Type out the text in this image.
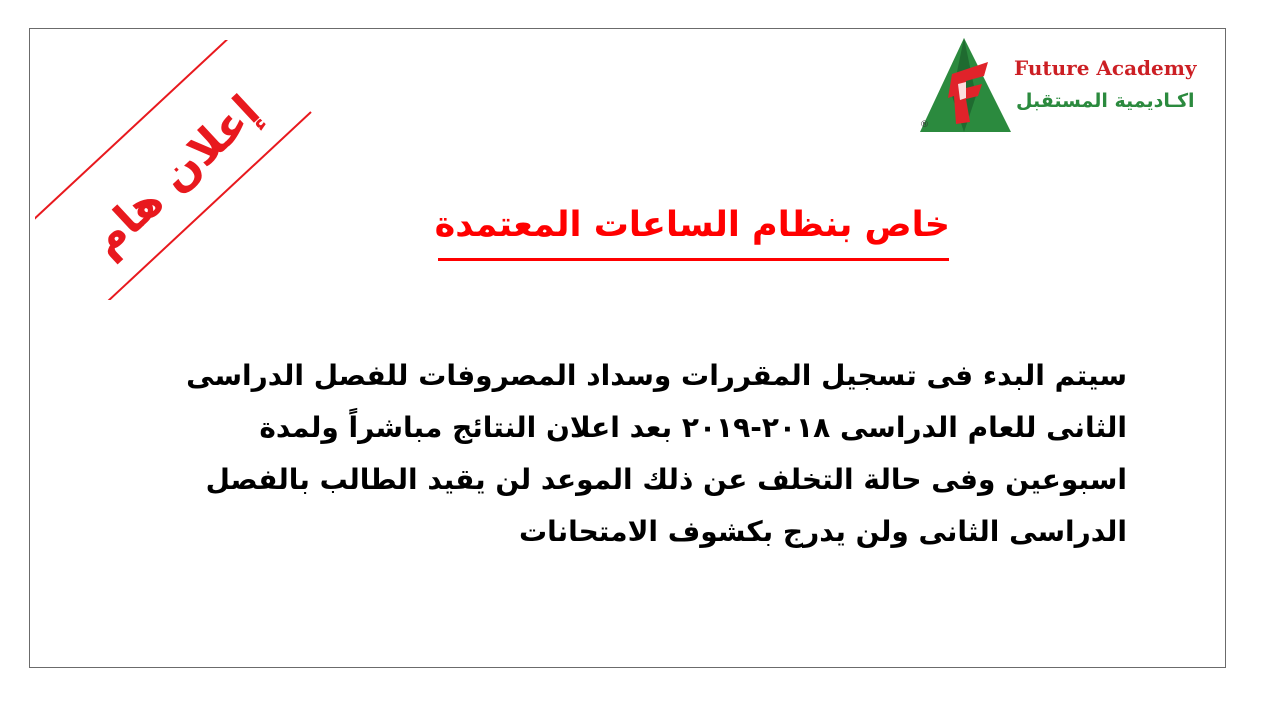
إعلان هام	®
Future Academy
اكـاديمية المستقبل
خاص بنظام الساعات المعتمدة
سيتم البدء فى تسجيل المقررات وسداد المصروفات للفصل الدراسى
الثانى للعام الدراسى ٢٠١٨-٢٠١٩ بعد اعلان النتائج مباشراً ولمدة
اسبوعين وفى حالة التخلف عن ذلك الموعد لن يقيد الطالب بالفصل
الدراسى الثانى ولن يدرج بكشوف الامتحانات
